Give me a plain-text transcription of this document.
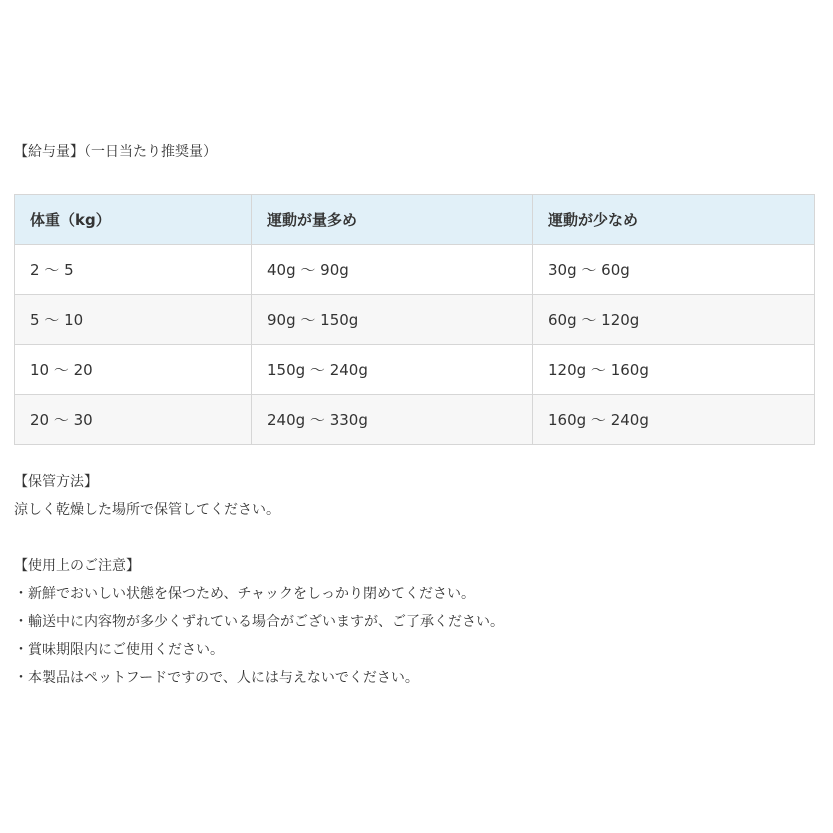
【給与量】（一日当たり推奨量）
体重（kg）	運動が量多め	運動が少なめ
2 ～ 5	40g ～ 90g	30g ～ 60g
5 ～ 10	90g ～ 150g	60g ～ 120g
10 ～ 20	150g ～ 240g	120g ～ 160g
20 ～ 30	240g ～ 330g	160g ～ 240g

【保管方法】

涼しく乾燥した場所で保管してください。

【使用上のご注意】

・新鮮でおいしい状態を保つため、チャックをしっかり閉めてください。

・輸送中に内容物が多少くずれている場合がございますが、ご了承ください。

・賞味期限内にご使用ください。

・本製品はペットフードですので、人には与えないでください。
